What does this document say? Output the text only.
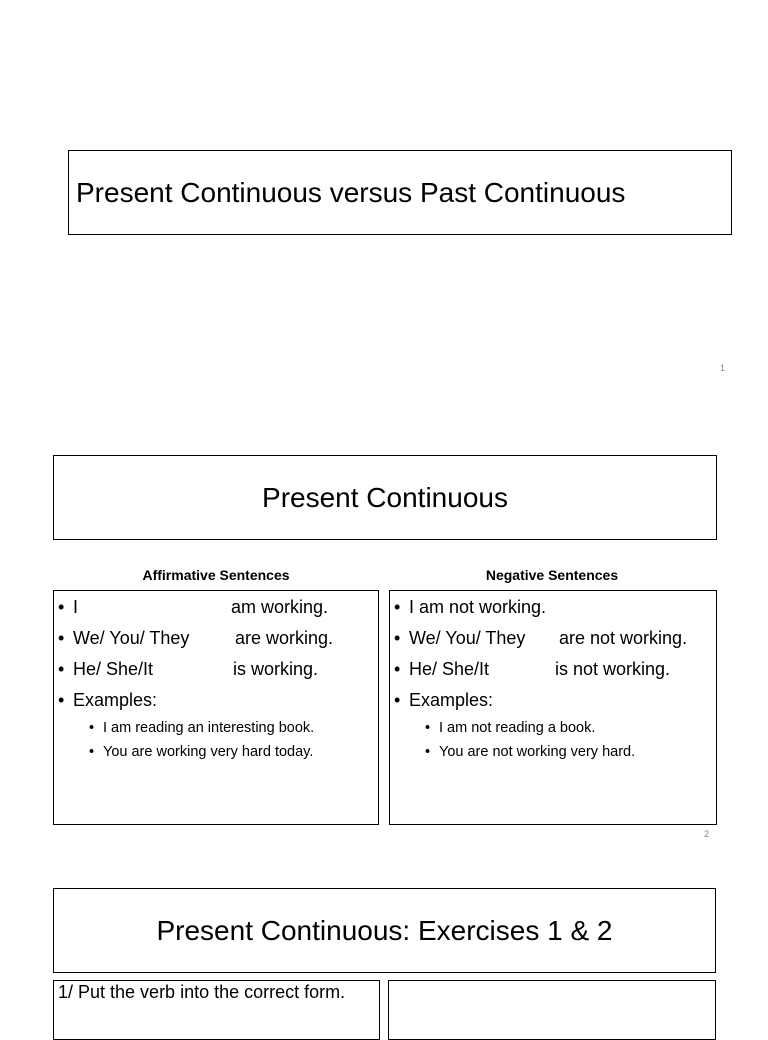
Present Continuous versus Past Continuous
1
Present Continuous
Affirmative Sentences	Negative Sentences
• I	am working.
• We/ You/ They	are working.
• He/ She/It	is working.
• Examples:
• I am reading an interesting book.
• You are working very hard today.
• I am not working.
• We/ You/ They are not working.
• He/ She/It	is not working.
• Examples:
• I am not reading a book.
• You are not working very hard.
2
Present Continuous: Exercises 1 & 2
1/ Put the verb into the correct form.
